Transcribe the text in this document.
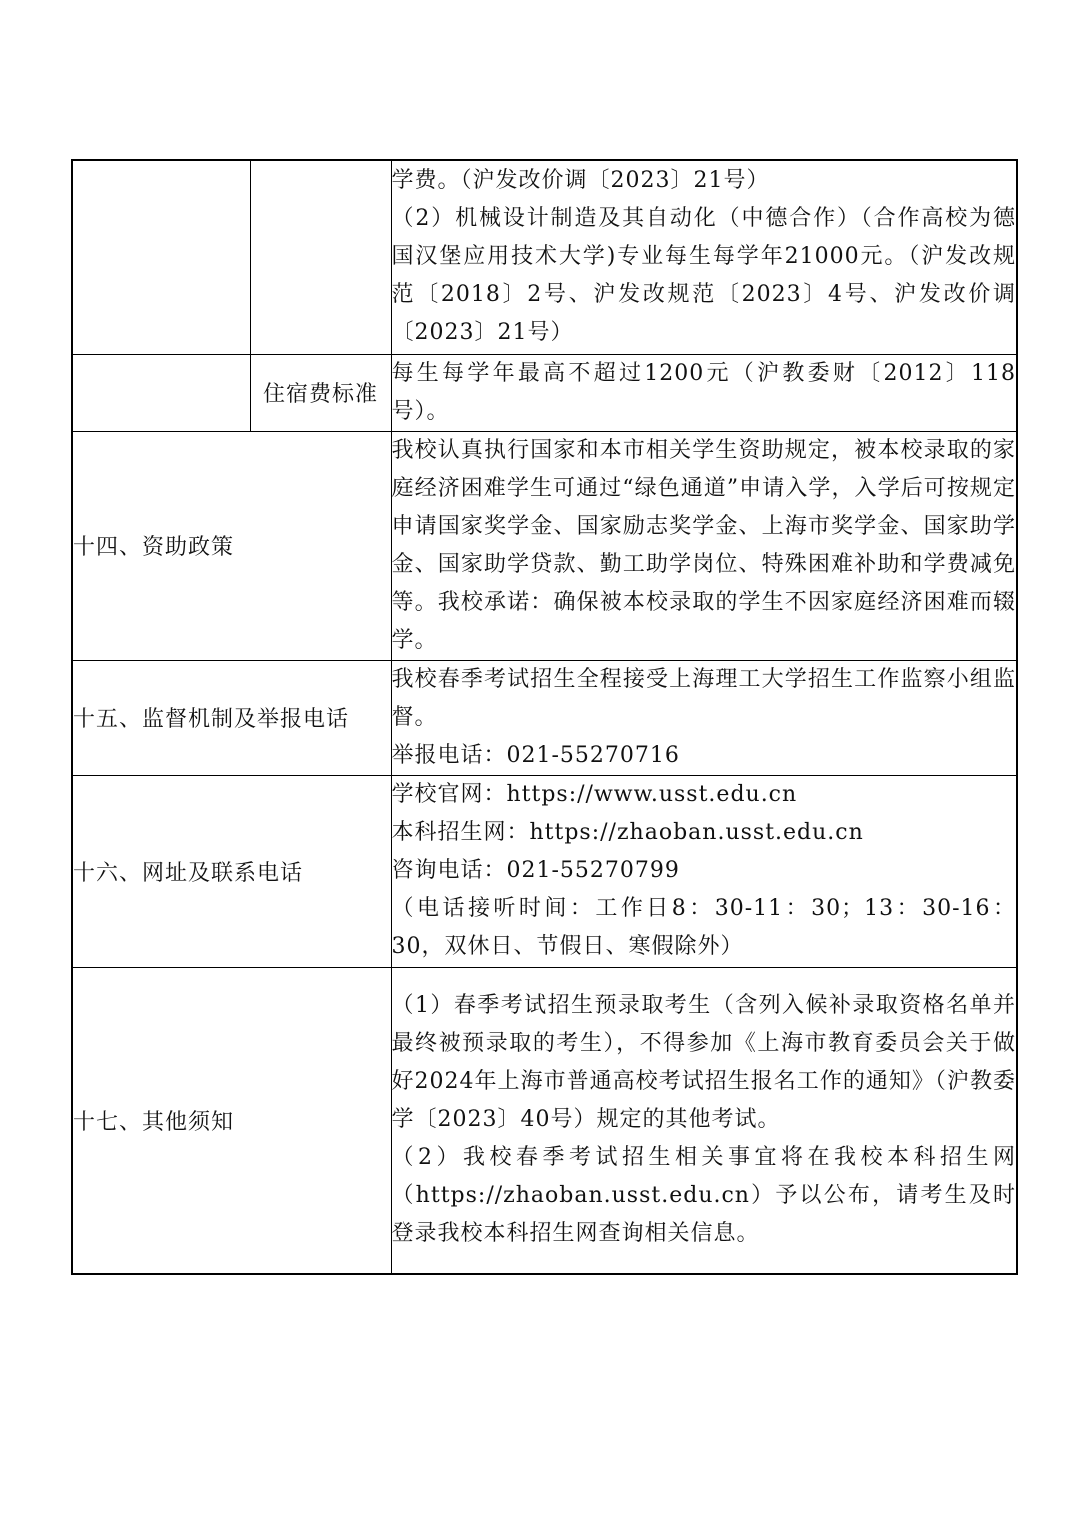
		学费。（沪发改价调〔2023〕21号）

（2）机械设计制造及其自动化（中德合作）（合作高校为德国汉堡应用技术大学)专业每生每学年21000元。（沪发改规范〔2018〕2号、沪发改规范〔2023〕4号、沪发改价调〔2023〕21号）

	住宿费标准	每生每学年最高不超过1200元（沪教委财〔2012〕118号）。

十四、资助政策		我校认真执行国家和本市相关学生资助规定，被本校录取的家庭经济困难学生可通过“绿色通道”申请入学，入学后可按规定申请国家奖学金、国家励志奖学金、上海市奖学金、国家助学金、国家助学贷款、勤工助学岗位、特殊困难补助和学费减免等。我校承诺：确保被本校录取的学生不因家庭经济困难而辍学。

十五、监督机制及举报电话		我校春季考试招生全程接受上海理工大学招生工作监察小组监督。

举报电话：021-55270716

十六、网址及联系电话		学校官网：https://www.usst.edu.cn

本科招生网：https://zhaoban.usst.edu.cn

咨询电话：021-55270799

（电话接听时间：工作日8：30-11：30；13：30-16：30，双休日、节假日、寒假除外）

十七、其他须知		（1）春季考试招生预录取考生（含列入候补录取资格名单并最终被预录取的考生），不得参加《上海市教育委员会关于做好2024年上海市普通高校考试招生报名工作的通知》（沪教委学〔2023〕40号）规定的其他考试。

（2）我校春季考试招生相关事宜将在我校本科招生网（https://zhaoban.usst.edu.cn）予以公布，请考生及时登录我校本科招生网查询相关信息。
